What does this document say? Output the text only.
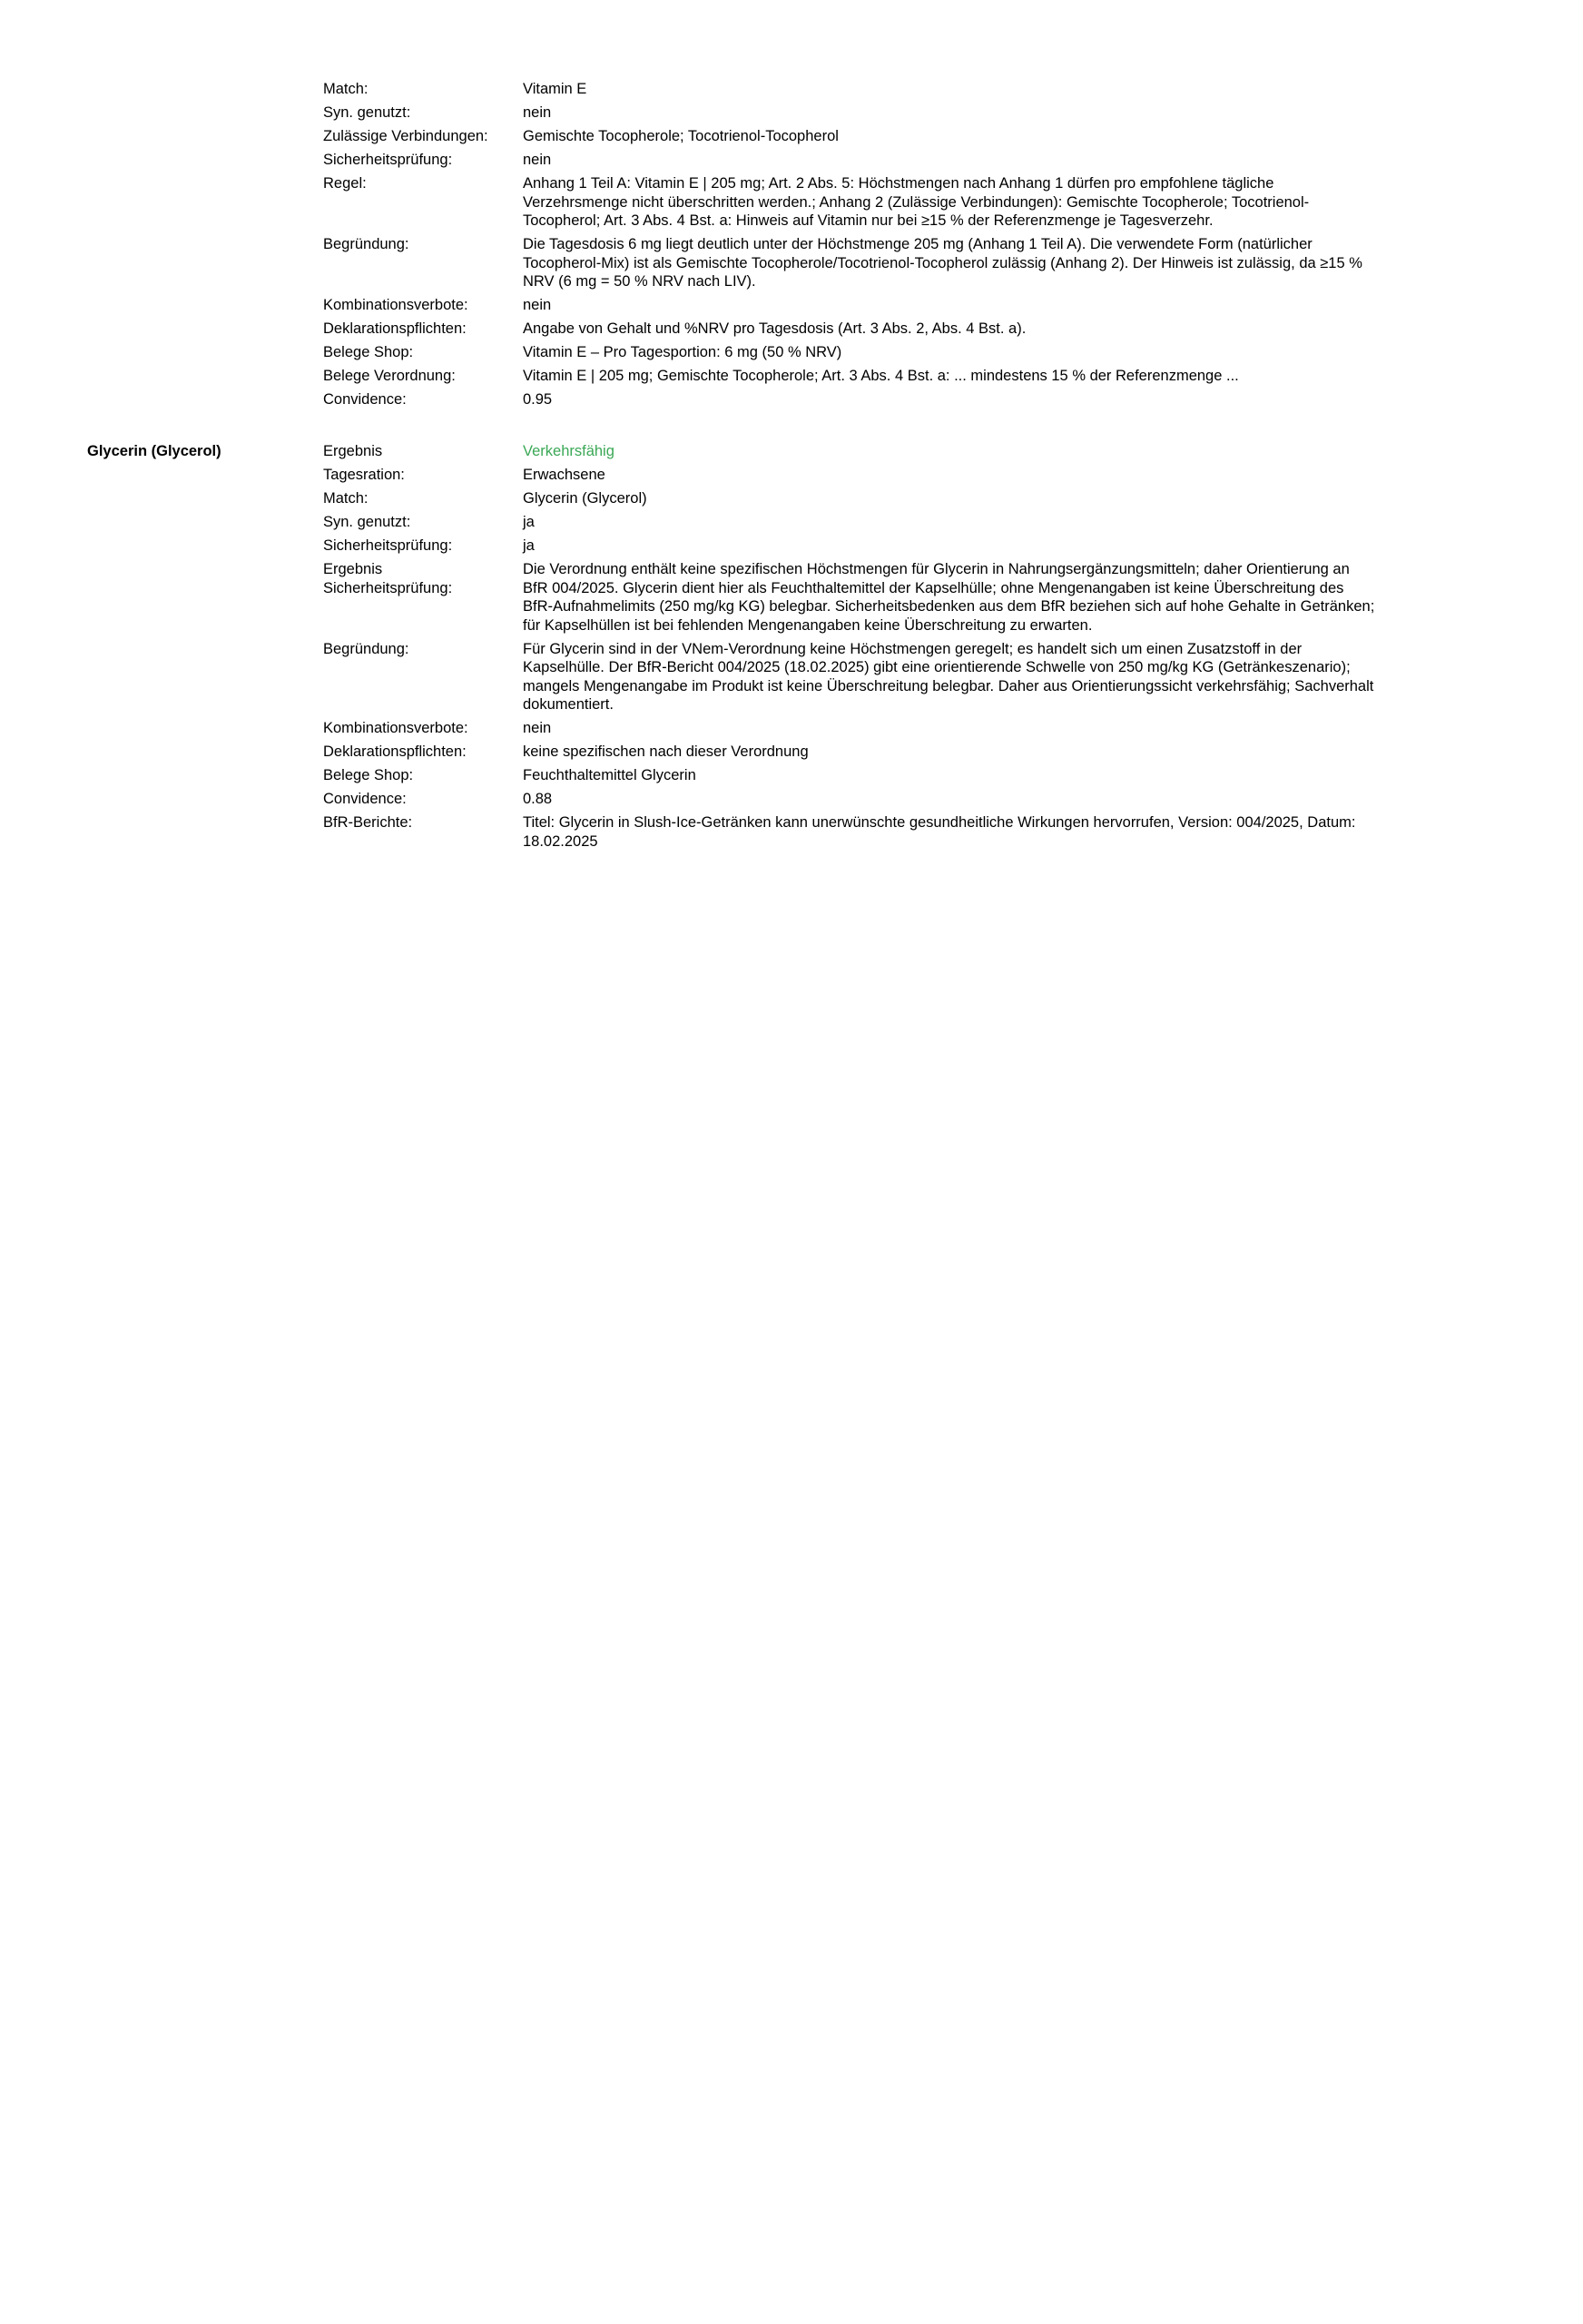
Match:	Vitamin E
Syn. genutzt:	nein
Zulässige Verbindungen:	Gemischte Tocopherole; Tocotrienol-Tocopherol
Sicherheitsprüfung:	nein
Regel:	Anhang 1 Teil A: Vitamin E | 205 mg; Art. 2 Abs. 5: Höchstmengen nach Anhang 1 dürfen pro empfohlene tägliche Verzehrsmenge nicht überschritten werden.; Anhang 2 (Zulässige Verbindungen): Gemischte Tocopherole; Tocotrienol-Tocopherol; Art. 3 Abs. 4 Bst. a: Hinweis auf Vitamin nur bei ≥15 % der Referenzmenge je Tagesverzehr.
Begründung:	Die Tagesdosis 6 mg liegt deutlich unter der Höchstmenge 205 mg (Anhang 1 Teil A). Die verwendete Form (natürlicher Tocopherol-Mix) ist als Gemischte Tocopherole/Tocotrienol-Tocopherol zulässig (Anhang 2). Der Hinweis ist zulässig, da ≥15 % NRV (6 mg = 50 % NRV nach LIV).
Kombinationsverbote:	nein
Deklarationspflichten:	Angabe von Gehalt und %NRV pro Tagesdosis (Art. 3 Abs. 2, Abs. 4 Bst. a).
Belege Shop:	Vitamin E – Pro Tagesportion: 6 mg (50 % NRV)
Belege Verordnung:	Vitamin E | 205 mg; Gemischte Tocopherole; Art. 3 Abs. 4 Bst. a: ... mindestens 15 % der Referenzmenge ...
Convidence:	0.95
Glycerin (Glycerol)	Ergebnis	Verkehrsfähig
Tagesration:	Erwachsene
Match:	Glycerin (Glycerol)
Syn. genutzt:	ja
Sicherheitsprüfung:	ja
Ergebnis Sicherheitsprüfung:
Die Verordnung enthält keine spezifischen Höchstmengen für Glycerin in Nahrungsergänzungsmitteln; daher Orientierung an BfR 004/2025. Glycerin dient hier als Feuchthaltemittel der Kapselhülle; ohne Mengenangaben ist keine Überschreitung des BfR-Aufnahmelimits (250 mg/kg KG) belegbar. Sicherheitsbedenken aus dem BfR beziehen sich auf hohe Gehalte in Getränken; für Kapselhüllen ist bei fehlenden Mengenangaben keine Überschreitung zu erwarten.
Begründung:	Für Glycerin sind in der VNem-Verordnung keine Höchstmengen geregelt; es handelt sich um einen Zusatzstoff in der Kapselhülle. Der BfR-Bericht 004/2025 (18.02.2025) gibt eine orientierende Schwelle von 250 mg/kg KG (Getränkeszenario); mangels Mengenangabe im Produkt ist keine Überschreitung belegbar. Daher aus Orientierungssicht verkehrsfähig; Sachverhalt dokumentiert.
Kombinationsverbote:	nein
Deklarationspflichten:	keine spezifischen nach dieser Verordnung
Belege Shop:	Feuchthaltemittel Glycerin
Convidence:	0.88
BfR-Berichte:	Titel: Glycerin in Slush-Ice-Getränken kann unerwünschte gesundheitliche Wirkungen hervorrufen, Version: 004/2025, Datum: 18.02.2025
